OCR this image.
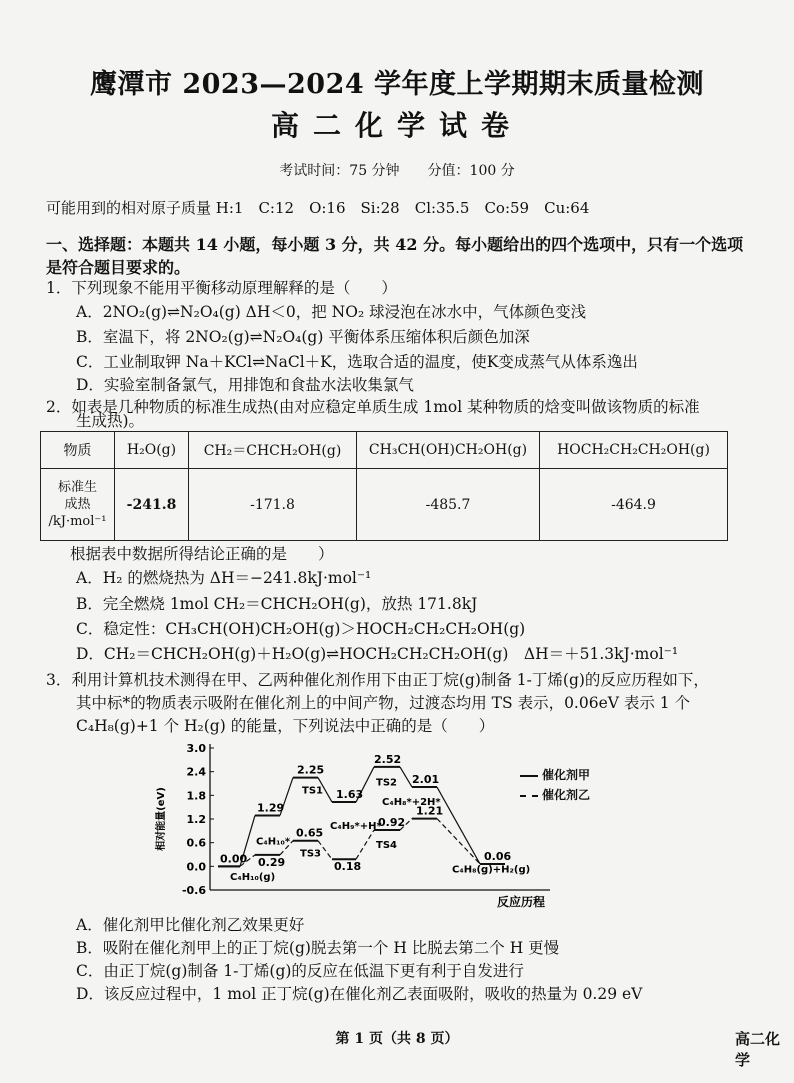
鹰潭市 2023—2024 学年度上学期期末质量检测
高二化学试卷
考试时间：75 分钟　　分值：100 分
可能用到的相对原子质量 H:1　C:12　O:16　Si:28　Cl:35.5　Co:59　Cu:64
一、选择题：本题共 14 小题，每小题 3 分，共 42 分。每小题给出的四个选项中，只有一个选项是符合题目要求的。
1．下列现象不能用平衡移动原理解释的是（　　）
A．2NO₂(g)⇌N₂O₄(g) ΔH＜0，把 NO₂ 球浸泡在冰水中，气体颜色变浅
B．室温下，将 2NO₂(g)⇌N₂O₄(g) 平衡体系压缩体积后颜色加深
C．工业制取钾 Na＋KCl⇌NaCl＋K，选取合适的温度，使K变成蒸气从体系逸出
D．实验室制备氯气，用排饱和食盐水法收集氯气
2．如表是几种物质的标准生成热(由对应稳定单质生成 1mol 某种物质的焓变叫做该物质的标准
生成热)。
物质	H₂O(g)	CH₂＝CHCH₂OH(g)	CH₃CH(OH)CH₂OH(g)	HOCH₂CH₂CH₂OH(g)

标准生
成热
/kJ·mol⁻¹	-241.8	-171.8	-485.7	-464.9
根据表中数据所得结论正确的是　　）
A．H₂ 的燃烧热为 ΔH＝−241.8kJ·mol⁻¹
B．完全燃烧 1mol CH₂＝CHCH₂OH(g)，放热 171.8kJ
C．稳定性：CH₃CH(OH)CH₂OH(g)＞HOCH₂CH₂CH₂OH(g)
D．CH₂＝CHCH₂OH(g)＋H₂O(g)⇌HOCH₂CH₂CH₂OH(g)　ΔH＝＋51.3kJ·mol⁻¹
3．利用计算机技术测得在甲、乙两种催化剂作用下由正丁烷(g)制备 1-丁烯(g)的反应历程如下，
其中标*的物质表示吸附在催化剂上的中间产物，过渡态均用 TS 表示，0.06eV 表示 1 个
C₄H₈(g)+1 个 H₂(g) 的能量，下列说法中正确的是（　　）
3.0
2.4
1.8
1.2
0.6
0.0
-0.6
相对能量(eV)
反应历程
0.00
1.29
2.25
1.63
2.52
2.01
0.29
0.65
0.18
0.92
1.21
0.06
C₄H₁₀(g)
C₄H₁₀*
TS1
C₄H₉*+H*
TS2
C₄H₈*+2H*
TS3
TS4
C₄H₈(g)+H₂(g)
催化剂甲
催化剂乙
A．催化剂甲比催化剂乙效果更好
B．吸附在催化剂甲上的正丁烷(g)脱去第一个 H 比脱去第二个 H 更慢
C．由正丁烷(g)制备 1-丁烯(g)的反应在低温下更有利于自发进行
D．该反应过程中，1 mol 正丁烷(g)在催化剂乙表面吸附，吸收的热量为 0.29 eV
第 1 页（共 8 页）	高二化学
